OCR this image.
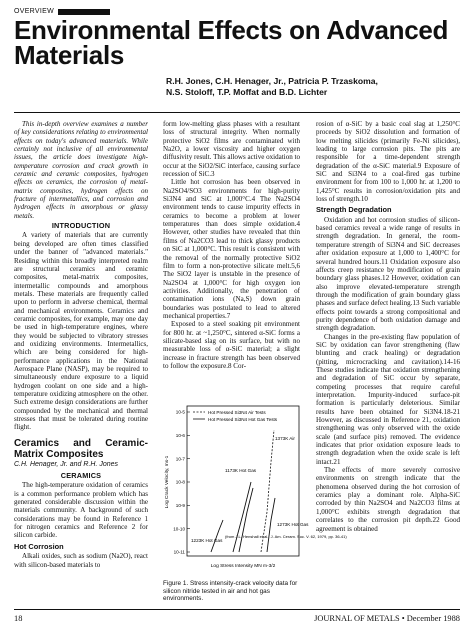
OVERVIEW
Environmental Effects on Advanced Materials
R.H. Jones, C.H. Henager, Jr., Patricia P. Trzaskoma,
N.S. Stoloff, T.P. Moffat and B.D. Lichter

This in-depth overview examines a number of key considerations relating to environmental effects on today's advanced materials. While certainly not inclusive of all environmental issues, the article does investigate high-temperature corrosion and crack growth in ceramic and ceramic composites, hydrogen effects on ceramics, the corrosion of metal-matrix composites, hydrogen effects on fracture of intermetallics, and corrosion and hydrogen effects in amorphous or glassy metals.

INTRODUCTION

A variety of materials that are currently being developed are often times classified under the banner of "advanced materials." Residing within this broadly interpreted realm are structural ceramics and ceramic composites, metal-matrix composites, intermetallic compounds and amorphous metals. These materials are frequently called upon to perform in adverse chemical, thermal and mechanical environments. Ceramics and ceramic composites, for example, may one day be used in high-temperature engines, where they would be subjected to vibratory stresses and oxidizing environments. Intermetallics, which are being considered for high-performance applications in the National Aerospace Plane (NASP), may be required to simultaneously endure exposure to a liquid hydrogen coolant on one side and a high-temperature oxidizing atmosphere on the other. Such extreme design considerations are further compounded by the mechanical and thermal stresses that must be tolerated during routine flight.

Ceramics and Ceramic-Matrix Composites
C.H. Henager, Jr. and R.H. Jones
CERAMICS

The high-temperature oxidation of ceramics is a common performance problem which has generated considerable discussion within the materials community. A background of such considerations may be found in Reference 1 for nitrogen ceramics and Reference 2 for silicon carbide.

Hot Corrosion

Alkali oxides, such as sodium (Na2O), react with silicon-based materials to

form low-melting glass phases with a resultant loss of structural integrity. When normally protective SiO2 films are contaminated with Na2O, a lower viscosity and higher oxygen diffusivity result. This allows active oxidation to occur at the SiO2/SiC interface, causing surface recession of SiC.3

Little hot corrosion has been observed in Na2SO4/SO3 environments for high-purity Si3N4 and SiC at 1,000°C.4 The Na2SO4 environment tends to cause impurity effects in ceramics to become a problem at lower temperatures than does simple oxidation.4 However, other studies have revealed that thin films of Na2CO3 lead to thick glassy products on SiC at 1,000°C. This result is consistent with the removal of the normally protective SiO2 film to form a non-protective silicate melt.5,6 The SiO2 layer is unstable in the presence of Na2SO4 at 1,000°C for high oxygen ion activities. Additionally, the penetration of contamination ions (Na,S) down grain boundaries was postulated to lead to altered mechanical properties.7

Exposed to a steel soaking pit environment for 800 hr. at ~1,250°C, sintered α-SiC forms a silicate-based slag on its surface, but with no measurable loss of α-SiC material; a slight increase in fracture strength has been observed to follow the exposure.8 Cor-

10-5
10-6
10-7
10-8
10-9
10-10
10-11
Hot Pressed Si3N4 Air Tests
Hot Pressed Si3N4 Hot Gas Tests
1373K Air
1173K Hot Gas
1273K Hot Gas
1223K Hot Gas
(from J.L. Henshall et al., J. Am. Ceram. Soc. V. 62, 1979, pp. 36-41)
Log Stress Intensity MN m-3/2
Log Crack Velocity, ms-1
Figure 1. Stress intensity-crack velocity data for silicon nitride tested in air and hot gas environments.

rosion of α-SiC by a basic coal slag at 1,250°C proceeds by SiO2 dissolution and formation of low melting silicides (primarily Fe-Ni silicides), leading to large corrosion pits. The pits are responsible for a time-dependent strength degradation of the α-SiC material.9 Exposure of SiC and Si3N4 to a coal-fired gas turbine environment for from 100 to 1,000 hr. at 1,200 to 1,425°C results in corrosion/oxidation pits and loss of strength.10

Strength Degradation

Oxidation and hot corrosion studies of silicon-based ceramics reveal a wide range of results in strength degradation. In general, the room-temperature strength of Si3N4 and SiC decreases after oxidation exposure at 1,000 to 1,400°C for several hundred hours.11 Oxidation exposure also affects creep resistance by modification of grain boundary glass phases.12 However, oxidation can also improve elevated-temperature strength through the modification of grain boundary glass phases and surface defect healing.13 Such variable effects point towards a strong compositional and purity dependence of both oxidation damage and strength degradation.

Changes in the pre-existing flaw population of SiC by oxidation can favor strengthening (flaw blunting and crack healing) or degradation (pitting, microcracking and cavitation).14-16 These studies indicate that oxidation strengthening and degradation of SiC occur by separate, competing processes that require careful interpretation. Impurity-induced surface-pit formation is particularly deleterious. Similar results have been obtained for Si3N4.18-21 However, as discussed in Reference 21, oxidation strengthening was only observed with the oxide scale (and surface pits) removed. The evidence indicates that prior oxidation exposure leads to strength degradation when the oxide scale is left intact.21

The effects of more severely corrosive environments on strength indicate that the phenomena observed during the hot corrosion of ceramics play a dominant role. Alpha-SiC corroded by thin Na2SO4 and Na2CO3 films at 1,000°C exhibits strength degradation that correlates to the corrosion pit depth.22 Good agreement is obtained

18	JOURNAL OF METALS • December 1988
